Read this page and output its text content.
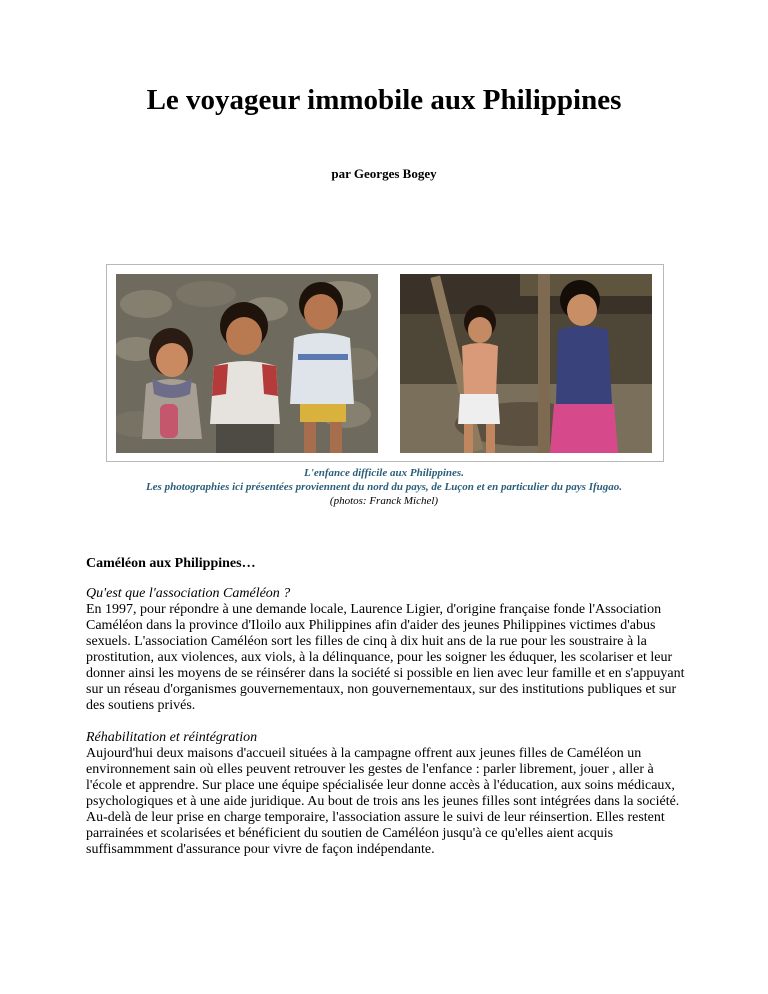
Le voyageur immobile aux Philippines
par Georges Bogey
L'enfance difficile aux Philippines.
Les photographies ici présentées proviennent du nord du pays, de Luçon et en particulier du pays Ifugao.
(photos: Franck Michel)
Caméléon aux Philippines…
Qu'est que l'association Caméléon ?
En 1997, pour répondre à une demande locale, Laurence Ligier, d'origine française fonde l'Association Caméléon dans la province d'Iloilo aux Philippines afin d'aider des jeunes Philippines victimes d'abus sexuels. L'association Caméléon sort les filles de cinq à dix huit ans de la rue pour les soustraire à la prostitution, aux violences, aux viols, à la délinquance, pour les soigner les éduquer, les scolariser et leur donner ainsi les moyens de se réinsérer dans la société si possible en lien avec leur famille et en s'appuyant sur un réseau d'organismes gouvernementaux, non gouvernementaux, sur des institutions publiques et sur des soutiens privés.
Réhabilitation et réintégration
Aujourd'hui deux maisons d'accueil situées à la campagne offrent aux jeunes filles de Caméléon un environnement sain où elles peuvent retrouver les gestes de l'enfance : parler librement, jouer , aller à l'école et apprendre. Sur place une équipe spécialisée leur donne accès à l'éducation, aux soins médicaux, psychologiques et à une aide juridique. Au bout de trois ans les jeunes filles sont intégrées dans la société. Au-delà de leur prise en charge temporaire, l'association assure le suivi de leur réinsertion. Elles restent parrainées et scolarisées et bénéficient du soutien de Caméléon jusqu'à ce qu'elles aient acquis suffisammment d'assurance pour vivre de façon indépendante.
